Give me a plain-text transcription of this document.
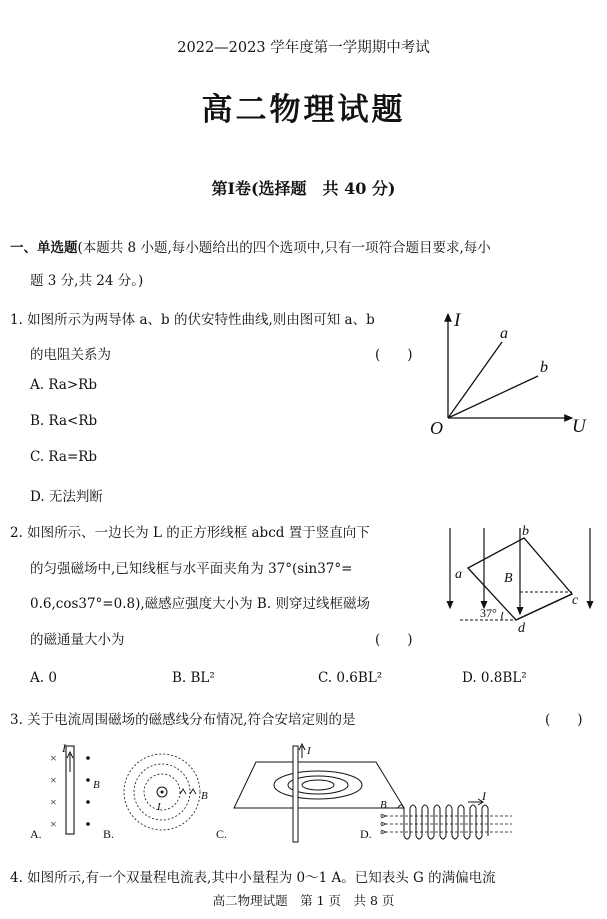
2022—2023 学年度第一学期期中考试
高二物理试题
第Ⅰ卷(选择题　共 40 分)
一、单选题(本题共 8 小题,每小题给出的四个选项中,只有一项符合题目要求,每小
题 3 分,共 24 分。)
1. 如图所示为两导体 a、b 的伏安特性曲线,则由图可知 a、b
的电阻关系为	(　　)
A. Ra>Rb
B. Ra<Rb
C. Ra=Rb
D. 无法判断
I
U
O
a
b
2. 如图所示、一边长为 L 的正方形线框 abcd 置于竖直向下
的匀强磁场中,已知线框与水平面夹角为 37°(sin37°=
0.6,cos37°=0.8),磁感应强度大小为 B. 则穿过线框磁场
的磁通量大小为	(　　)
A. 0	B. BL²	C. 0.6BL²	D. 0.8BL²
a
b
c
d
B
37°
3. 关于电流周围磁场的磁感线分布情况,符合安培定则的是	(　　)
I
×
×
×
×
B
A.
B
I
B.
I
C.
B
I
D.
4. 如图所示,有一个双量程电流表,其中小量程为 0～1 A。已知表头 G 的满偏电流
高二物理试题　第 1 页　共 8 页
